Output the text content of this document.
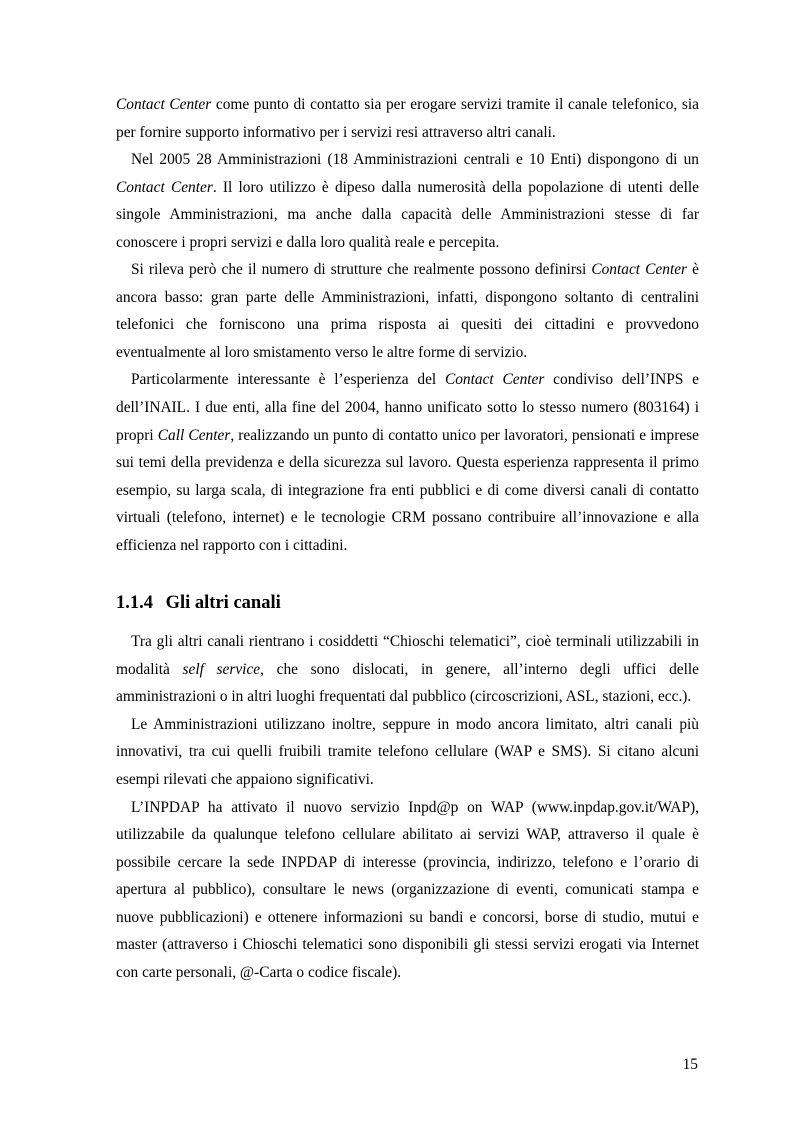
Contact Center come punto di contatto sia per erogare servizi tramite il canale telefonico, sia per fornire supporto informativo per i servizi resi attraverso altri canali.

Nel 2005 28 Amministrazioni (18 Amministrazioni centrali e 10 Enti) dispongono di un Contact Center. Il loro utilizzo è dipeso dalla numerosità della popolazione di utenti delle singole Amministrazioni, ma anche dalla capacità delle Amministrazioni stesse di far conoscere i propri servizi e dalla loro qualità reale e percepita.

Si rileva però che il numero di strutture che realmente possono definirsi Contact Center è ancora basso: gran parte delle Amministrazioni, infatti, dispongono soltanto di centralini telefonici che forniscono una prima risposta ai quesiti dei cittadini e provvedono eventualmente al loro smistamento verso le altre forme di servizio.

Particolarmente interessante è l’esperienza del Contact Center condiviso dell’INPS e dell’INAIL. I due enti, alla fine del 2004, hanno unificato sotto lo stesso numero (803164) i propri Call Center, realizzando un punto di contatto unico per lavoratori, pensionati e imprese sui temi della previdenza e della sicurezza sul lavoro. Questa esperienza rappresenta il primo esempio, su larga scala, di integrazione fra enti pubblici e di come diversi canali di contatto virtuali (telefono, internet) e le tecnologie CRM possano contribuire all’innovazione e alla efficienza nel rapporto con i cittadini.

1.1.4 Gli altri canali

Tra gli altri canali rientrano i cosiddetti “Chioschi telematici”, cioè terminali utilizzabili in modalità self service, che sono dislocati, in genere, all’interno degli uffici delle amministrazioni o in altri luoghi frequentati dal pubblico (circoscrizioni, ASL, stazioni, ecc.).

Le Amministrazioni utilizzano inoltre, seppure in modo ancora limitato, altri canali più innovativi, tra cui quelli fruibili tramite telefono cellulare (WAP e SMS). Si citano alcuni esempi rilevati che appaiono significativi.

L’INPDAP ha attivato il nuovo servizio Inpd@p on WAP (www.inpdap.gov.it/WAP), utilizzabile da qualunque telefono cellulare abilitato ai servizi WAP, attraverso il quale è possibile cercare la sede INPDAP di interesse (provincia, indirizzo, telefono e l’orario di apertura al pubblico), consultare le news (organizzazione di eventi, comunicati stampa e nuove pubblicazioni) e ottenere informazioni su bandi e concorsi, borse di studio, mutui e master (attraverso i Chioschi telematici sono disponibili gli stessi servizi erogati via Internet con carte personali, @-Carta o codice fiscale).

15
